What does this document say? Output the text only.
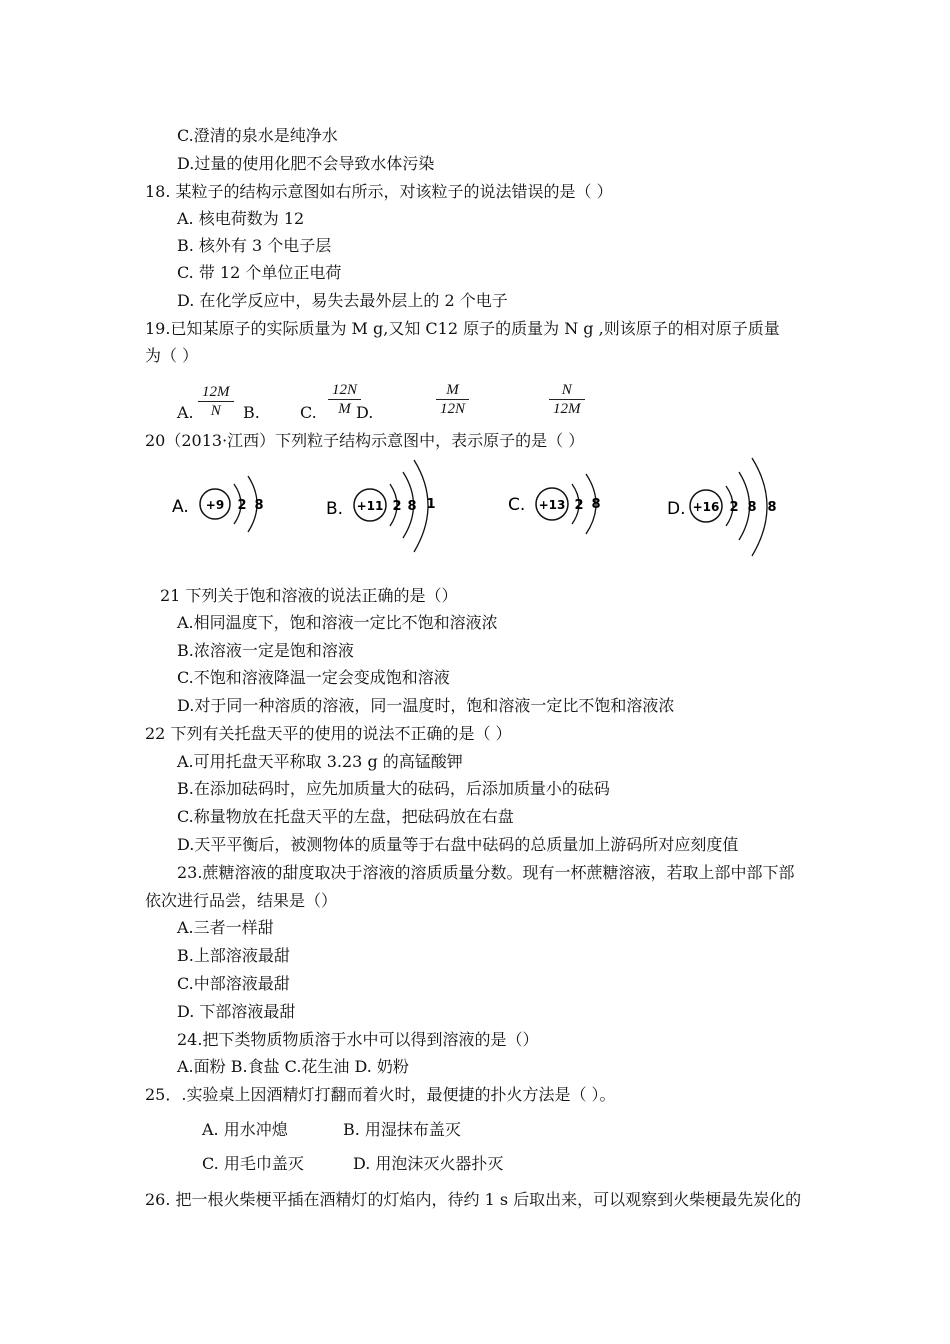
C.澄清的泉水是纯净水
D.过量的使用化肥不会导致水体污染
18. 某粒子的结构示意图如右所示，对该粒子的说法错误的是（ ）
A. 核电荷数为 12
B. 核外有 3 个电子层
C. 带 12 个单位正电荷
D. 在化学反应中，易失去最外层上的 2 个电子
19.已知某原子的实际质量为 M g,又知 C12 原子的质量为 N g ,则该原子的相对原子质量
为（ ）
A. $\frac{12M}{N} B$.	$\frac{12N}{M}$
C. D.	$\frac{M}{12N}$	$\frac{N}{12M}$
20（2013·江西）下列粒子结构示意图中，表示原子的是（ ）
A. +9 2 8	B. +11 2 8 1	C. +13 2 8	D. +16 2 8 8
21 下列关于饱和溶液的说法正确的是（）
A.相同温度下，饱和溶液一定比不饱和溶液浓
B.浓溶液一定是饱和溶液
C.不饱和溶液降温一定会变成饱和溶液
D.对于同一种溶质的溶液，同一温度时，饱和溶液一定比不饱和溶液浓
22 下列有关托盘天平的使用的说法不正确的是（ ）
A.可用托盘天平称取 3.23 g 的高锰酸钾
B.在添加砝码时，应先加质量大的砝码，后添加质量小的砝码
C.称量物放在托盘天平的左盘，把砝码放在右盘
D.天平平衡后，被测物体的质量等于右盘中砝码的总质量加上游码所对应刻度值
23.蔗糖溶液的甜度取决于溶液的溶质质量分数。现有一杯蔗糖溶液，若取上部中部下部
依次进行品尝，结果是（）
A.三者一样甜
B.上部溶液最甜
C.中部溶液最甜
D. 下部溶液最甜
24.把下类物质物质溶于水中可以得到溶液的是（）
A.面粉 B.食盐 C.花生油 D. 奶粉
25．.实验桌上因酒精灯打翻而着火时，最便捷的扑火方法是（ ）。
A. 用水冲熄	B. 用湿抹布盖灭
C. 用毛巾盖灭	D. 用泡沫灭火器扑灭
26. 把一根火柴梗平插在酒精灯的灯焰内，待约 1 s 后取出来，可以观察到火柴梗最先炭化的
